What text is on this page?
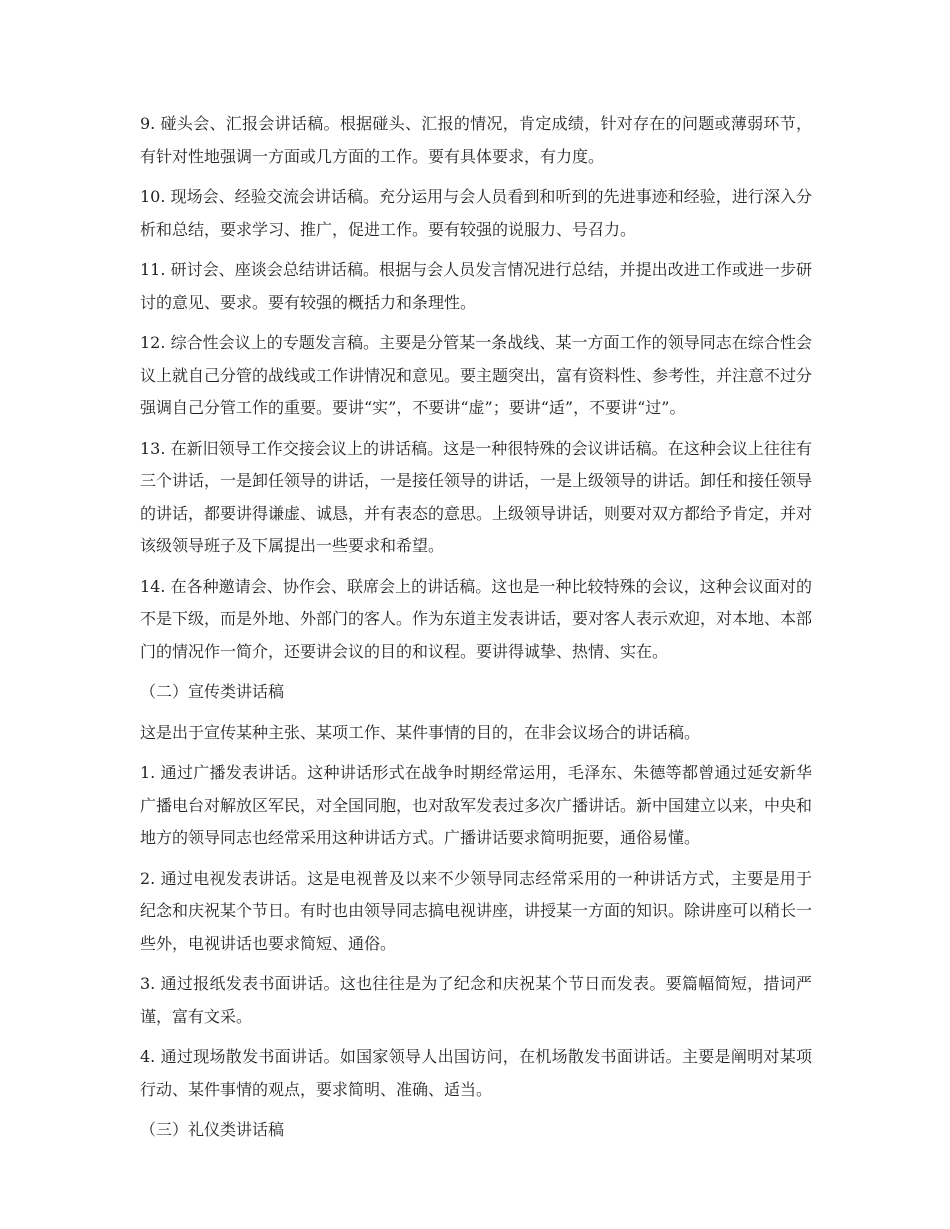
9. 碰头会、汇报会讲话稿。根据碰头、汇报的情况，肯定成绩，针对存在的问题或薄弱环节，有针对性地强调一方面或几方面的工作。要有具体要求，有力度。

10. 现场会、经验交流会讲话稿。充分运用与会人员看到和听到的先进事迹和经验，进行深入分析和总结，要求学习、推广，促进工作。要有较强的说服力、号召力。

11. 研讨会、座谈会总结讲话稿。根据与会人员发言情况进行总结，并提出改进工作或进一步研讨的意见、要求。要有较强的概括力和条理性。

12. 综合性会议上的专题发言稿。主要是分管某一条战线、某一方面工作的领导同志在综合性会议上就自己分管的战线或工作讲情况和意见。要主题突出，富有资料性、参考性，并注意不过分强调自己分管工作的重要。要讲“实”，不要讲“虚”；要讲“适”，不要讲“过”。

13. 在新旧领导工作交接会议上的讲话稿。这是一种很特殊的会议讲话稿。在这种会议上往往有三个讲话，一是卸任领导的讲话，一是接任领导的讲话，一是上级领导的讲话。卸任和接任领导的讲话，都要讲得谦虚、诚恳，并有表态的意思。上级领导讲话，则要对双方都给予肯定，并对该级领导班子及下属提出一些要求和希望。

14. 在各种邀请会、协作会、联席会上的讲话稿。这也是一种比较特殊的会议，这种会议面对的不是下级，而是外地、外部门的客人。作为东道主发表讲话，要对客人表示欢迎，对本地、本部门的情况作一简介，还要讲会议的目的和议程。要讲得诚挚、热情、实在。

（二）宣传类讲话稿

这是出于宣传某种主张、某项工作、某件事情的目的，在非会议场合的讲话稿。

1. 通过广播发表讲话。这种讲话形式在战争时期经常运用，毛泽东、朱德等都曾通过延安新华广播电台对解放区军民，对全国同胞，也对敌军发表过多次广播讲话。新中国建立以来，中央和地方的领导同志也经常采用这种讲话方式。广播讲话要求简明扼要，通俗易懂。

2. 通过电视发表讲话。这是电视普及以来不少领导同志经常采用的一种讲话方式，主要是用于纪念和庆祝某个节日。有时也由领导同志搞电视讲座，讲授某一方面的知识。除讲座可以稍长一些外，电视讲话也要求简短、通俗。

3. 通过报纸发表书面讲话。这也往往是为了纪念和庆祝某个节日而发表。要篇幅简短，措词严谨，富有文采。

4. 通过现场散发书面讲话。如国家领导人出国访问，在机场散发书面讲话。主要是阐明对某项行动、某件事情的观点，要求简明、准确、适当。

（三）礼仪类讲话稿
